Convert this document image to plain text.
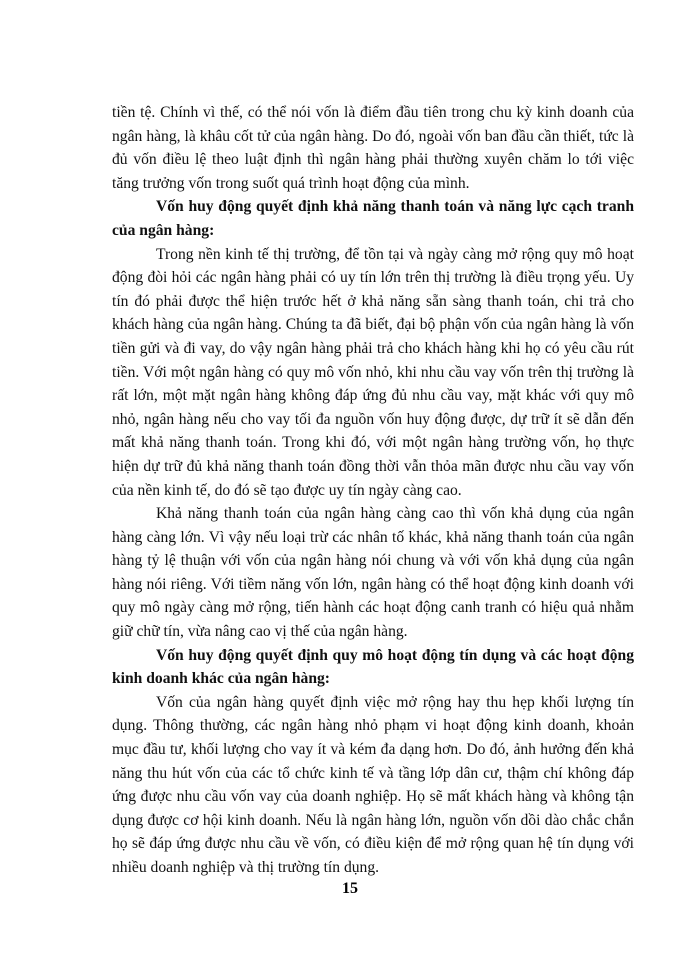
tiền tệ. Chính vì thế, có thể nói vốn là điểm đầu tiên trong chu kỳ kinh doanh của ngân hàng, là khâu cốt tử của ngân hàng. Do đó, ngoài vốn ban đầu cần thiết, tức là đủ vốn điều lệ theo luật định thì ngân hàng phải thường xuyên chăm lo tới việc tăng trưởng vốn trong suốt quá trình hoạt động của mình.

Vốn huy động quyết định khả năng thanh toán và năng lực cạch tranh của ngân hàng:

Trong nền kinh tế thị trường, để tồn tại và ngày càng mở rộng quy mô hoạt động đòi hỏi các ngân hàng phải có uy tín lớn trên thị trường là điều trọng yếu. Uy tín đó phải được thể hiện trước hết ở khả năng sẵn sàng thanh toán, chi trả cho khách hàng của ngân hàng. Chúng ta đã biết, đại bộ phận vốn của ngân hàng là vốn tiền gửi và đi vay, do vậy ngân hàng phải trả cho khách hàng khi họ có yêu cầu rút tiền. Với một ngân hàng có quy mô vốn nhỏ, khi nhu cầu vay vốn trên thị trường là rất lớn, một mặt ngân hàng không đáp ứng đủ nhu cầu vay, mặt khác với quy mô nhỏ, ngân hàng nếu cho vay tối đa nguồn vốn huy động được, dự trữ ít sẽ dẫn đến mất khả năng thanh toán. Trong khi đó, với một ngân hàng trường vốn, họ thực hiện dự trữ đủ khả năng thanh toán đồng thời vẫn thỏa mãn được nhu cầu vay vốn của nền kinh tế, do đó sẽ tạo được uy tín ngày càng cao.

Khả năng thanh toán của ngân hàng càng cao thì vốn khả dụng của ngân hàng càng lớn. Vì vậy nếu loại trừ các nhân tố khác, khả năng thanh toán của ngân hàng tỷ lệ thuận với vốn của ngân hàng nói chung và với vốn khả dụng của ngân hàng nói riêng. Với tiềm năng vốn lớn, ngân hàng có thể hoạt động kinh doanh với quy mô ngày càng mở rộng, tiến hành các hoạt động canh tranh có hiệu quả nhằm giữ chữ tín, vừa nâng cao vị thế của ngân hàng.

Vốn huy động quyết định quy mô hoạt động tín dụng và các hoạt động kinh doanh khác của ngân hàng:

Vốn của ngân hàng quyết định việc mở rộng hay thu hẹp khối lượng tín dụng. Thông thường, các ngân hàng nhỏ phạm vi hoạt động kinh doanh, khoản mục đầu tư, khối lượng cho vay ít và kém đa dạng hơn. Do đó, ảnh hưởng đến khả năng thu hút vốn của các tổ chức kinh tế và tầng lớp dân cư, thậm chí không đáp ứng được nhu cầu vốn vay của doanh nghiệp. Họ sẽ mất khách hàng và không tận dụng được cơ hội kinh doanh. Nếu là ngân hàng lớn, nguồn vốn dồi dào chắc chắn họ sẽ đáp ứng được nhu cầu về vốn, có điều kiện để mở rộng quan hệ tín dụng với nhiều doanh nghiệp và thị trường tín dụng.

15
